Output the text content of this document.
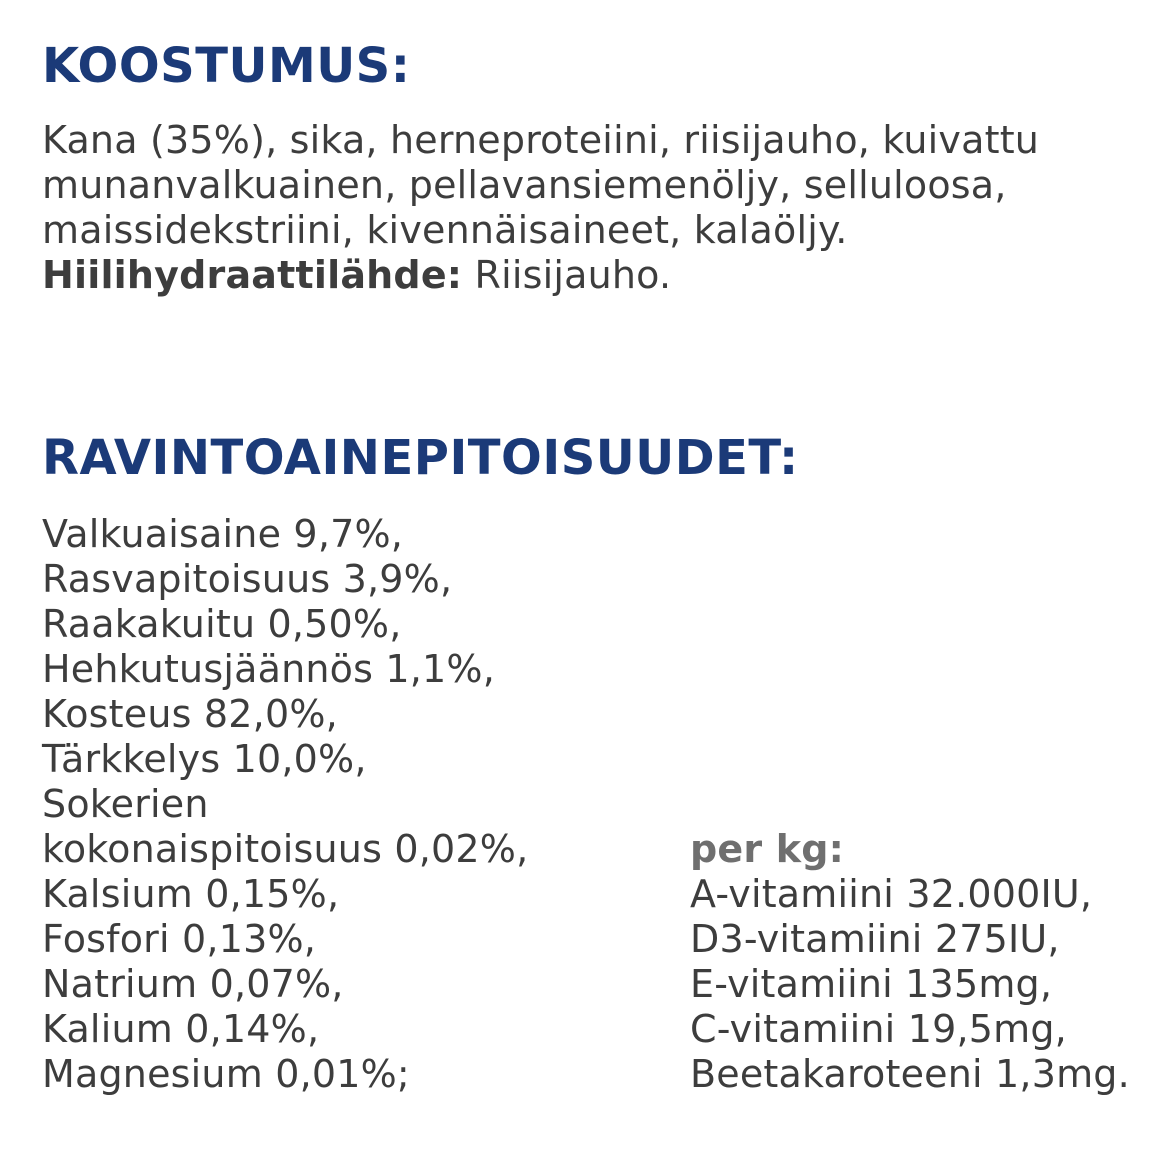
KOOSTUMUS:

Kana (35%), sika, herneproteiini, riisijauho, kuivattu
munanvalkuainen, pellavansiemenöljy, selluloosa,
maissidekstriini, kivennäisaineet, kalaöljy.
Hiilihydraattilähde: Riisijauho.

RAVINTOAINEPITOISUUDET:
Valkuaisaine 9,7%,
Rasvapitoisuus 3,9%,
Raakakuitu 0,50%,
Hehkutusjäännös 1,1%,
Kosteus 82,0%,
Tärkkelys 10,0%,
Sokerien
kokonaispitoisuus 0,02%,
Kalsium 0,15%,
Fosfori 0,13%,
Natrium 0,07%,
Kalium 0,14%,
Magnesium 0,01%;
per kg:
A-vitamiini 32.000IU,
D3-vitamiini 275IU,
E-vitamiini 135mg,
C-vitamiini 19,5mg,
Beetakaroteeni 1,3mg.
